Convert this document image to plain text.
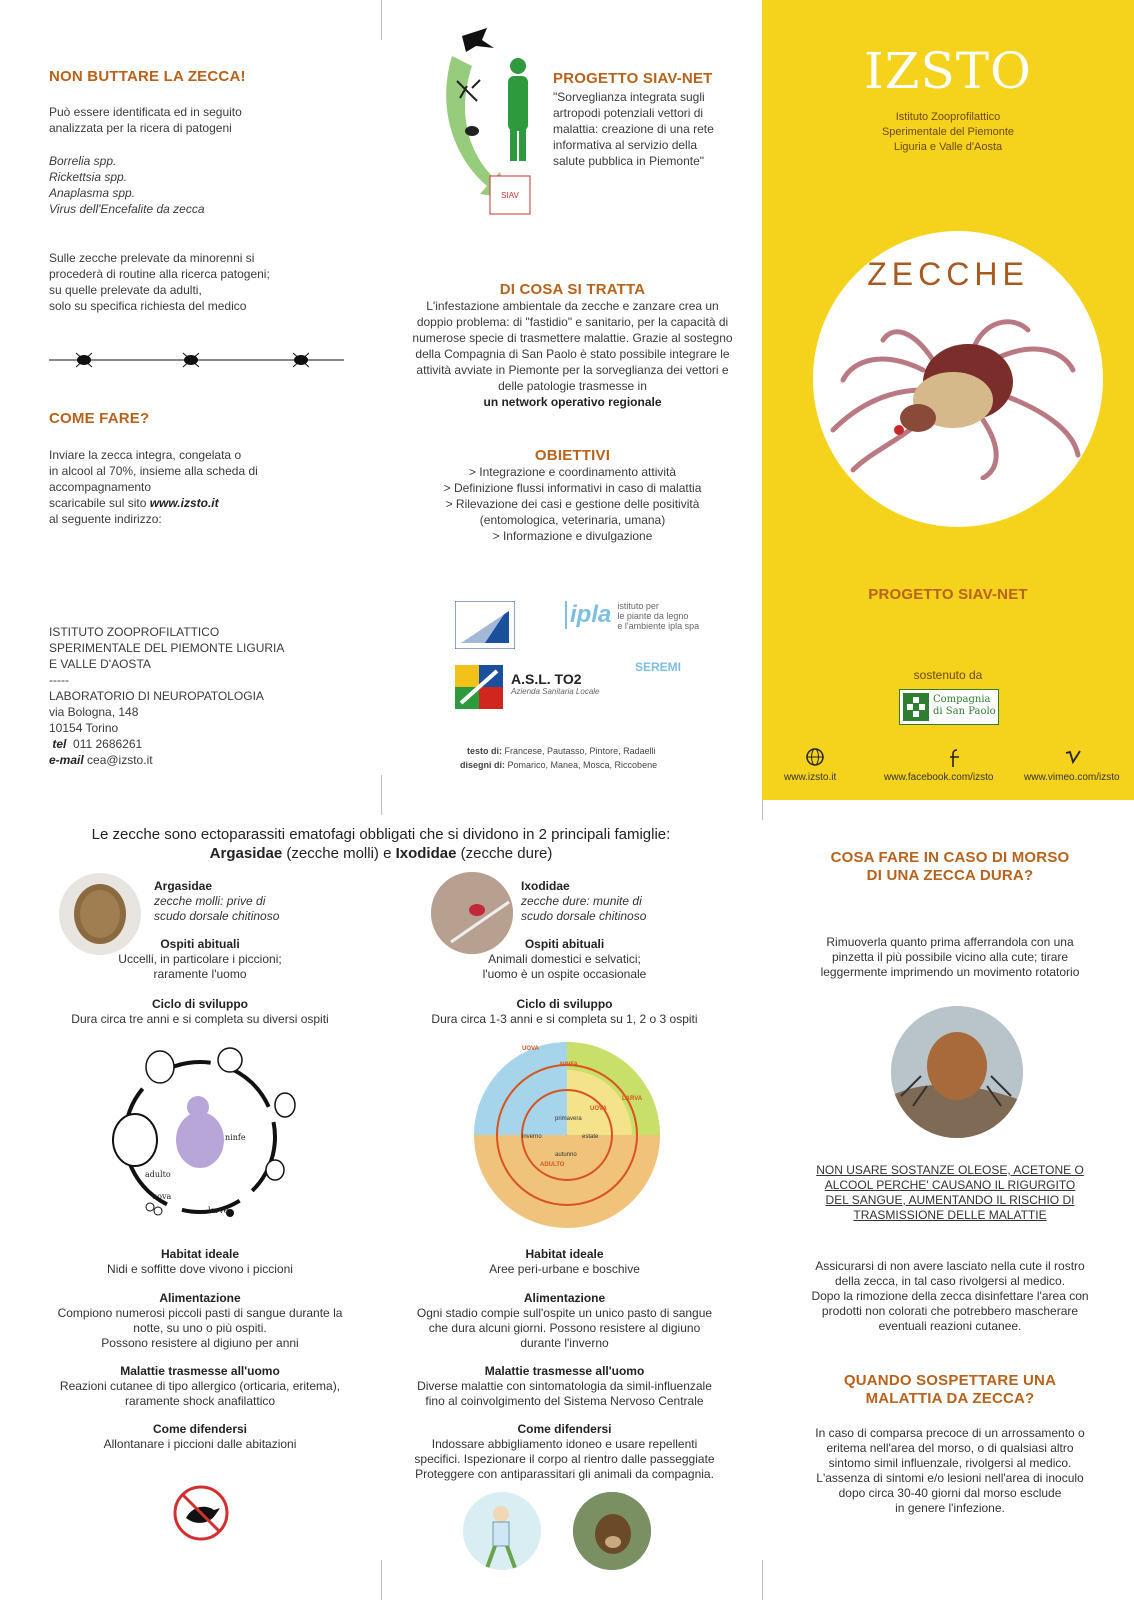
NON BUTTARE LA ZECCA!
Può essere identificata ed in seguito
analizzata per la ricera di patogeni
Borrelia spp.
Rickettsia spp.
Anaplasma spp.
Virus dell'Encefalite da zecca
Sulle zecche prelevate da minorenni si
procederà di routine alla ricerca patogeni;
su quelle prelevate da adulti,
solo su specifica richiesta del medico
COME FARE?
Inviare la zecca integra, congelata o
in alcool al 70%, insieme alla scheda di
accompagnamento
scaricabile sul sito www.izsto.it
al seguente indirizzo:
ISTITUTO ZOOPROFILATTICO
SPERIMENTALE DEL PIEMONTE LIGURIA
E VALLE D'AOSTA
-----
LABORATORIO DI NEUROPATOLOGIA
via Bologna, 148
10154 Torino
tel 011 2686261
e-mail cea@izsto.it
SIAV
PROGETTO SIAV-NET
"Sorveglianza integrata sugli
artropodi potenziali vettori di
malattia: creazione di una rete
informativa al servizio della
salute pubblica in Piemonte"
DI COSA SI TRATTA
L'infestazione ambientale da zecche e zanzare crea un
doppio problema: di "fastidio" e sanitario, per la capacità di
numerose specie di trasmettere malattie. Grazie al sostegno
della Compagnia di San Paolo è stato possibile integrare le
attività avviate in Piemonte per la sorveglianza dei vettori e
delle patologie trasmesse in
un network operativo regionale
OBIETTIVI
> Integrazione e coordinamento attività
> Definizione flussi informativi in caso di malattia
> Rilevazione dei casi e gestione delle positività
(entomologica, veterinaria, umana)
> Informazione e divulgazione
ipla istituto per
le piante da legno
e l'ambiente ipla spa
A.S.L. TO2
Azienda Sanitaria Locale
SEREMI
testo di: Francese, Pautasso, Pintore, Radaelli
disegni di: Pomarico, Manea, Mosca, Riccobene
IZSTO
Istituto Zooprofilattico
Sperimentale del Piemonte
Liguria e Valle d'Aosta
ZECCHE
PROGETTO SIAV-NET
sostenuto da
Compagnia
di San Paolo
www.izsto.it	www.facebook.com/izsto	www.vimeo.com/izsto
Le zecche sono ectoparassiti ematofagi obbligati che si dividono in 2 principali famiglie:
Argasidae (zecche molli) e Ixodidae (zecche dure)
Argasidae
zecche molli: prive di
scudo dorsale chitinoso
Ospiti abituali
Uccelli, in particolare i piccioni;
raramente l'uomo
Ciclo di sviluppo
Dura circa tre anni e si completa su diversi ospiti
ninfe
adulto
uova
larve
Habitat ideale
Nidi e soffitte dove vivono i piccioni
Alimentazione
Compiono numerosi piccoli pasti di sangue durante la
notte, su uno o più ospiti.
Possono resistere al digiuno per anni
Malattie trasmesse all'uomo
Reazioni cutanee di tipo allergico (orticaria, eritema),
raramente shock anafilattico
Come difendersi
Allontanare i piccioni dalle abitazioni
Ixodidae
zecche dure: munite di
scudo dorsale chitinoso
Ospiti abituali
Animali domestici e selvatici;
l'uomo è un ospite occasionale
Ciclo di sviluppo
Dura circa 1-3 anni e si completa su 1, 2 o 3 ospiti
UOVA
NINFA
UOVA
LARVA
primavera
inverno	estate
autunno
ADULTO
Habitat ideale
Aree peri-urbane e boschive
Alimentazione
Ogni stadio compie sull'ospite un unico pasto di sangue
che dura alcuni giorni. Possono resistere al digiuno
durante l'inverno
Malattie trasmesse all'uomo
Diverse malattie con sintomatologia da simil-influenzale
fino al coinvolgimento del Sistema Nervoso Centrale
Come difendersi
Indossare abbigliamento idoneo e usare repellenti
specifici. Ispezionare il corpo al rientro dalle passeggiate
Proteggere con antiparassitari gli animali da compagnia.
COSA FARE IN CASO DI MORSO
DI UNA ZECCA DURA?
Rimuoverla quanto prima afferrandola con una
pinzetta il più possibile vicino alla cute; tirare
leggermente imprimendo un movimento rotatorio
NON USARE SOSTANZE OLEOSE, ACETONE O
ALCOOL PERCHE' CAUSANO IL RIGURGITO
DEL SANGUE, AUMENTANDO IL RISCHIO DI
TRASMISSIONE DELLE MALATTIE
Assicurarsi di non avere lasciato nella cute il rostro
della zecca, in tal caso rivolgersi al medico.
Dopo la rimozione della zecca disinfettare l'area con
prodotti non colorati che potrebbero mascherare
eventuali reazioni cutanee.
QUANDO SOSPETTARE UNA
MALATTIA DA ZECCA?
In caso di comparsa precoce di un arrossamento o
eritema nell'area del morso, o di qualsiasi altro
sintomo simil influenzale, rivolgersi al medico.
L'assenza di sintomi e/o lesioni nell'area di inoculo
dopo circa 30-40 giorni dal morso esclude
in genere l'infezione.
